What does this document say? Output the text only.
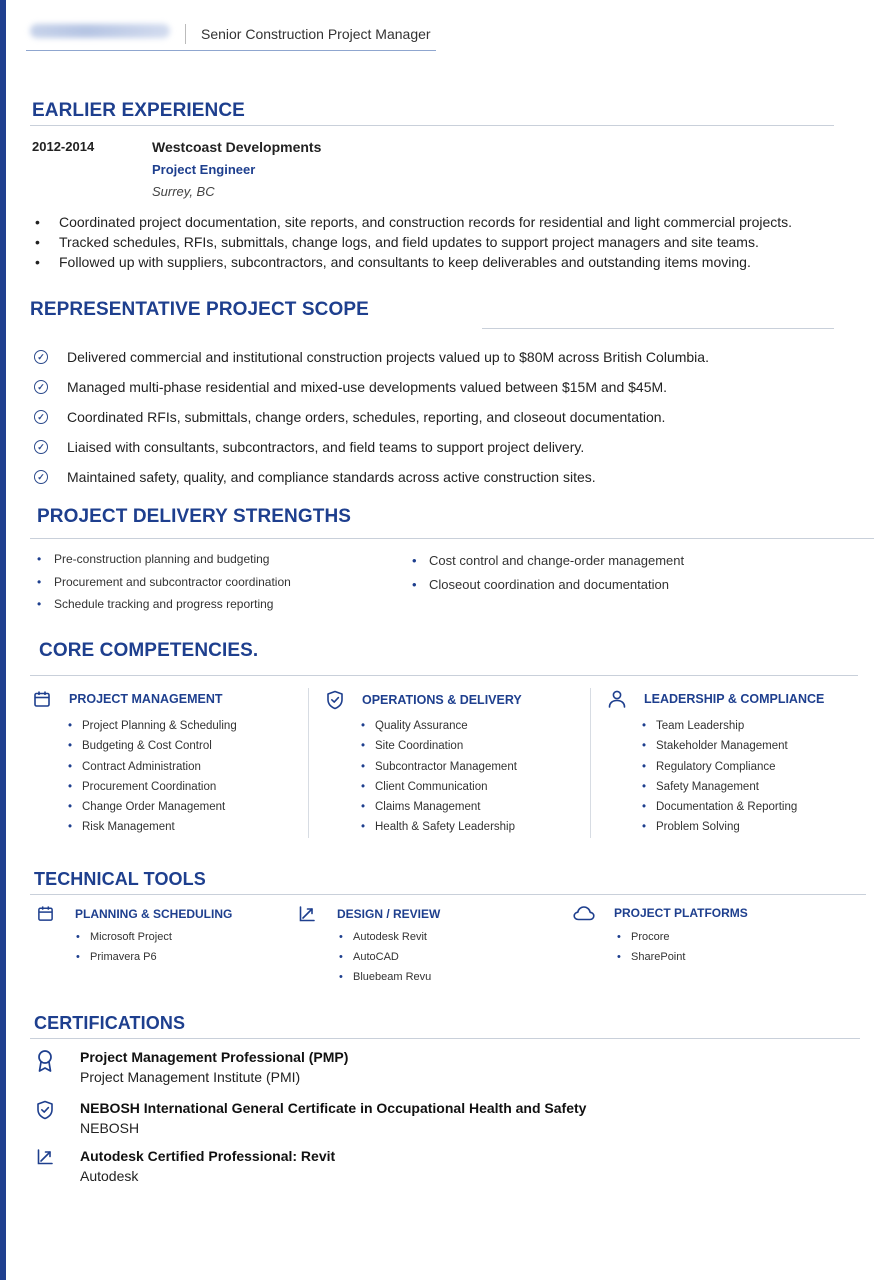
Senior Construction Project Manager
EARLIER EXPERIENCE
2012-2014	Westcoast Developments
Project Engineer
Surrey, BC
• Coordinated project documentation, site reports, and construction records for residential and light commercial projects.
• Tracked schedules, RFIs, submittals, change logs, and field updates to support project managers and site teams.
• Followed up with suppliers, subcontractors, and consultants to keep deliverables and outstanding items moving.
REPRESENTATIVE PROJECT SCOPE
✓ Delivered commercial and institutional construction projects valued up to $80M across British Columbia.
✓ Managed multi-phase residential and mixed-use developments valued between $15M and $45M.
✓ Coordinated RFIs, submittals, change orders, schedules, reporting, and closeout documentation.
✓ Liaised with consultants, subcontractors, and field teams to support project delivery.
✓ Maintained safety, quality, and compliance standards across active construction sites.
PROJECT DELIVERY STRENGTHS
• Pre-construction planning and budgeting
• Procurement and subcontractor coordination
• Schedule tracking and progress reporting
• Cost control and change-order management
• Closeout coordination and documentation
CORE COMPETENCIES.
PROJECT MANAGEMENT
• Project Planning & Scheduling
• Budgeting & Cost Control
• Contract Administration
• Procurement Coordination
• Change Order Management
• Risk Management
OPERATIONS & DELIVERY
• Quality Assurance
• Site Coordination
• Subcontractor Management
• Client Communication
• Claims Management
• Health & Safety Leadership
LEADERSHIP & COMPLIANCE
• Team Leadership
• Stakeholder Management
• Regulatory Compliance
• Safety Management
• Documentation & Reporting
• Problem Solving
TECHNICAL TOOLS
PLANNING & SCHEDULING
• Microsoft Project
• Primavera P6
DESIGN / REVIEW
• Autodesk Revit
• AutoCAD
• Bluebeam Revu
PROJECT PLATFORMS
• Procore
• SharePoint
CERTIFICATIONS
Project Management Professional (PMP)
Project Management Institute (PMI)
NEBOSH International General Certificate in Occupational Health and Safety
NEBOSH
Autodesk Certified Professional: Revit
Autodesk
